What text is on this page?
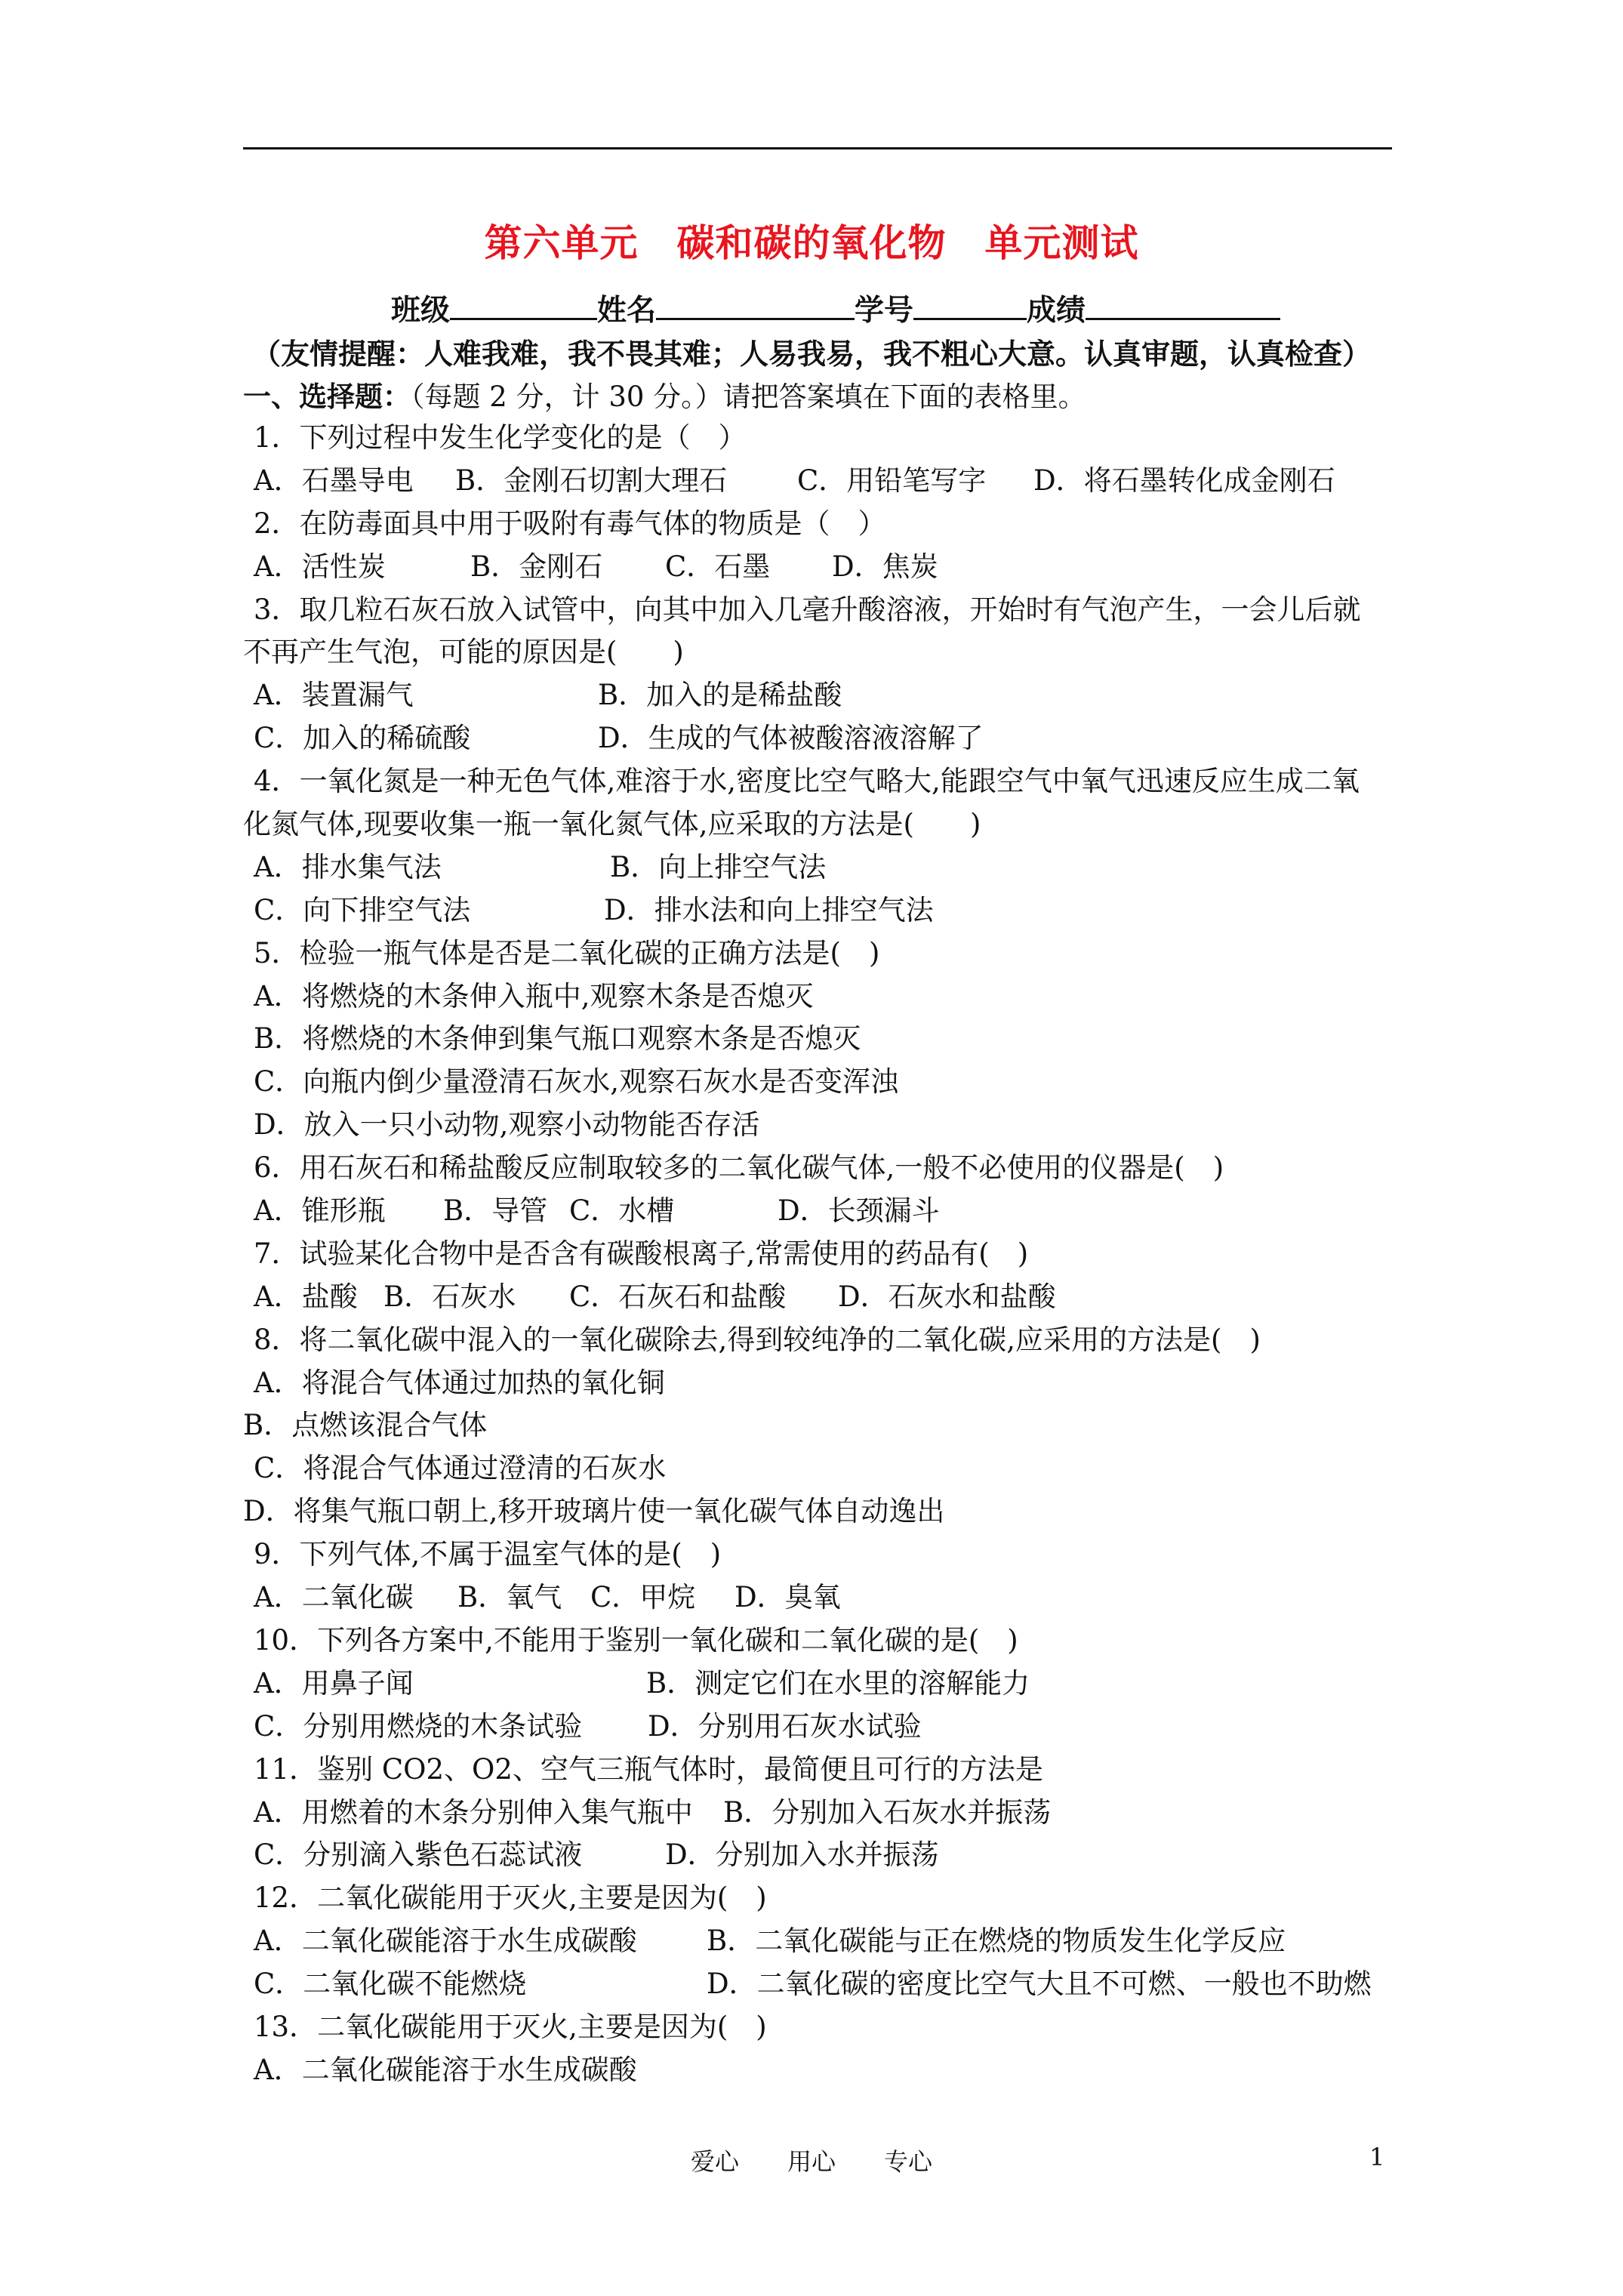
第六单元　碳和碳的氧化物　单元测试
班级	姓名	学号	成绩
（友情提醒：人难我难，我不畏其难；人易我易，我不粗心大意。认真审题，认真检查）
一、选择题：（每题 2 分，计 30 分。）请把答案填在下面的表格里。
1．下列过程中发生化学变化的是（　）
A．石墨导电 B．金刚石切割大理石	C．用铅笔写字 D．将石墨转化成金刚石
2．在防毒面具中用于吸附有毒气体的物质是（　）
A．活性炭	B．金刚石 C．石墨 D．焦炭
3．取几粒石灰石放入试管中，向其中加入几毫升酸溶液，开始时有气泡产生，一会儿后就
不再产生气泡，可能的原因是(　　)
A．装置漏气	B．加入的是稀盐酸
C．加入的稀硫酸	D．生成的气体被酸溶液溶解了
4．一氧化氮是一种无色气体,难溶于水,密度比空气略大,能跟空气中氧气迅速反应生成二氧
化氮气体,现要收集一瓶一氧化氮气体,应采取的方法是(　　)
A．排水集气法	B．向上排空气法
C．向下排空气法	D．排水法和向上排空气法
5．检验一瓶气体是否是二氧化碳的正确方法是(　)
A．将燃烧的木条伸入瓶中,观察木条是否熄灭
B．将燃烧的木条伸到集气瓶口观察木条是否熄灭
C．向瓶内倒少量澄清石灰水,观察石灰水是否变浑浊
D．放入一只小动物,观察小动物能否存活
6．用石灰石和稀盐酸反应制取较多的二氧化碳气体,一般不必使用的仪器是(　)
A．锥形瓶 B．导管 C．水槽	D．长颈漏斗
7．试验某化合物中是否含有碳酸根离子,常需使用的药品有(　)
A．盐酸 B．石灰水 C．石灰石和盐酸 D．石灰水和盐酸
8．将二氧化碳中混入的一氧化碳除去,得到较纯净的二氧化碳,应采用的方法是(　)
A．将混合气体通过加热的氧化铜
B．点燃该混合气体
C．将混合气体通过澄清的石灰水
D．将集气瓶口朝上,移开玻璃片使一氧化碳气体自动逸出
9．下列气体,不属于温室气体的是(　)
A．二氧化碳 B．氧气 C．甲烷 D．臭氧
10．下列各方案中,不能用于鉴别一氧化碳和二氧化碳的是(　)
A．用鼻子闻	B．测定它们在水里的溶解能力
C．分别用燃烧的木条试验 D．分别用石灰水试验
11．鉴别 CO2、O2、空气三瓶气体时，最简便且可行的方法是
A．用燃着的木条分别伸入集气瓶中 B．分别加入石灰水并振荡
C．分别滴入紫色石蕊试液	D．分别加入水并振荡
12．二氧化碳能用于灭火,主要是因为(　)
A．二氧化碳能溶于水生成碳酸 B．二氧化碳能与正在燃烧的物质发生化学反应
C．二氧化碳不能燃烧	D．二氧化碳的密度比空气大且不可燃、一般也不助燃
13．二氧化碳能用于灭火,主要是因为(　)
A．二氧化碳能溶于水生成碳酸
爱心　　用心　　专心	1
